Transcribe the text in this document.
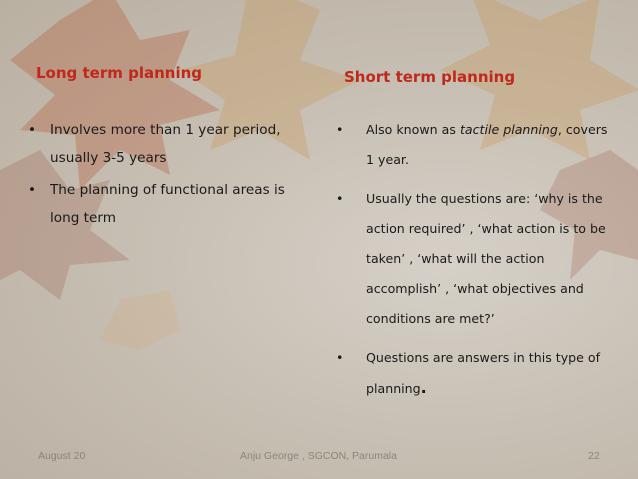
Long term planning
• Involves more than 1 year period, usually 3-5 years
• The planning of functional areas is long term
Short term planning
• Also known as tactile planning, covers 1 year.
• Usually the questions are: ‘why is the action required’ , ‘what action is to be taken’ , ‘what will the action accomplish’ , ‘what objectives and conditions are met?’
• Questions are answers in this type of planning.
August 20	Anju George , SGCON, Parumala	22
